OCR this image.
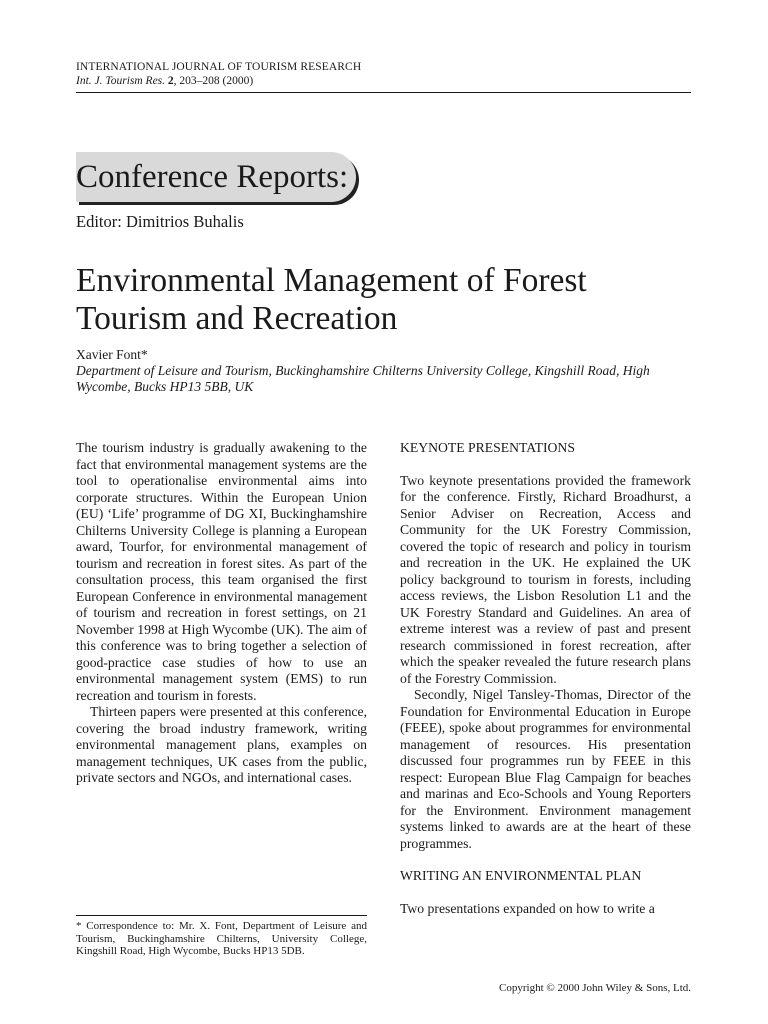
INTERNATIONAL JOURNAL OF TOURISM RESEARCH
Int. J. Tourism Res. 2, 203–208 (2000)
Conference Reports:
Editor: Dimitrios Buhalis
Environmental Management of Forest
Tourism and Recreation
Xavier Font*
Department of Leisure and Tourism, Buckinghamshire Chilterns University College, Kingshill Road, High Wycombe, Bucks HP13 5BB, UK

The tourism industry is gradually awakening to the fact that environmental management systems are the tool to operationalise environmental aims into corporate structures. Within the European Union (EU) ‘Life’ programme of DG XI, Buckinghamshire Chilterns University College is planning a European award, Tourfor, for environmental management of tourism and recreation in forest sites. As part of the consultation process, this team organised the first European Conference in environmental management of tourism and recreation in forest settings, on 21 November 1998 at High Wycombe (UK). The aim of this conference was to bring together a selection of good-practice case studies of how to use an environmental management system (EMS) to run recreation and tourism in forests.

Thirteen papers were presented at this conference, covering the broad industry framework, writing environmental management plans, examples on management techniques, UK cases from the public, private sectors and NGOs, and international cases.

KEYNOTE PRESENTATIONS

Two keynote presentations provided the framework for the conference. Firstly, Richard Broadhurst, a Senior Adviser on Recreation, Access and Community for the UK Forestry Commission, covered the topic of research and policy in tourism and recreation in the UK. He explained the UK policy background to tourism in forests, including access reviews, the Lisbon Resolution L1 and the UK Forestry Standard and Guidelines. An area of extreme interest was a review of past and present research commissioned in forest recreation, after which the speaker revealed the future research plans of the Forestry Commission.

Secondly, Nigel Tansley-Thomas, Director of the Foundation for Environmental Education in Europe (FEEE), spoke about programmes for environmental management of resources. His presentation discussed four programmes run by FEEE in this respect: European Blue Flag Campaign for beaches and marinas and Eco-Schools and Young Reporters for the Environment. Environment management systems linked to awards are at the heart of these programmes.

WRITING AN ENVIRONMENTAL PLAN

Two presentations expanded on how to write a

* Correspondence to: Mr. X. Font, Department of Leisure and Tourism, Buckinghamshire Chilterns, University College, Kingshill Road, High Wycombe, Bucks HP13 5DB.
Copyright © 2000 John Wiley & Sons, Ltd.
